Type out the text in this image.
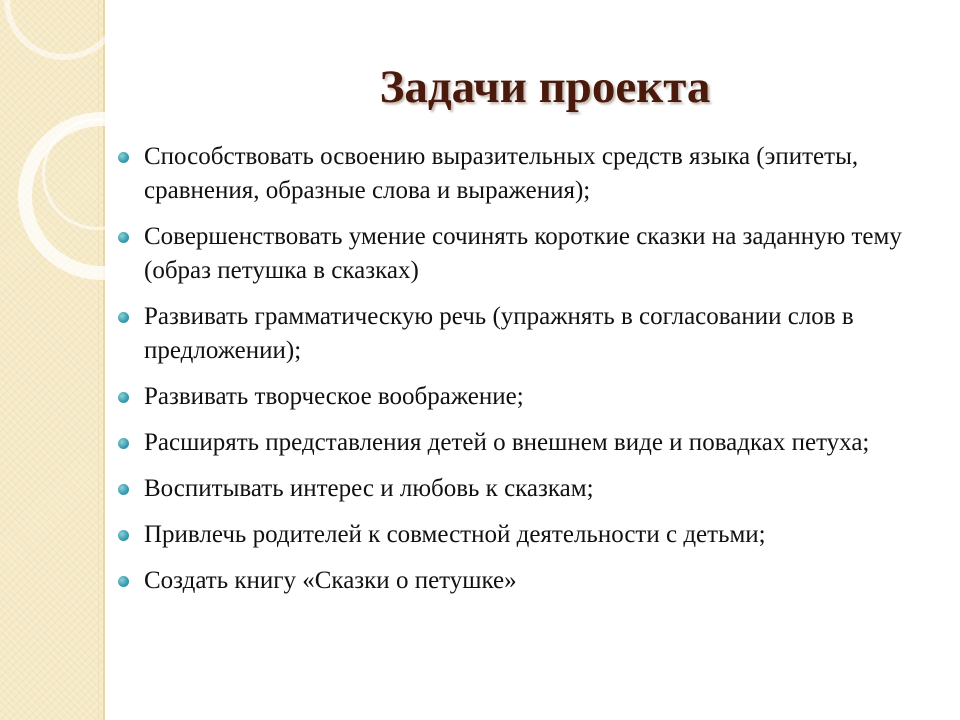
Задачи проекта
Способствовать освоению выразительных средств языка (эпитеты, сравнения, образные слова и выражения);
Совершенствовать умение сочинять короткие сказки на заданную тему (образ петушка в сказках)
Развивать грамматическую речь (упражнять в согласовании слов в предложении);
Развивать творческое воображение;
Расширять представления детей о внешнем виде и повадках петуха;
Воспитывать интерес и любовь к сказкам;
Привлечь родителей к совместной деятельности с детьми;
Создать книгу «Сказки о петушке»
